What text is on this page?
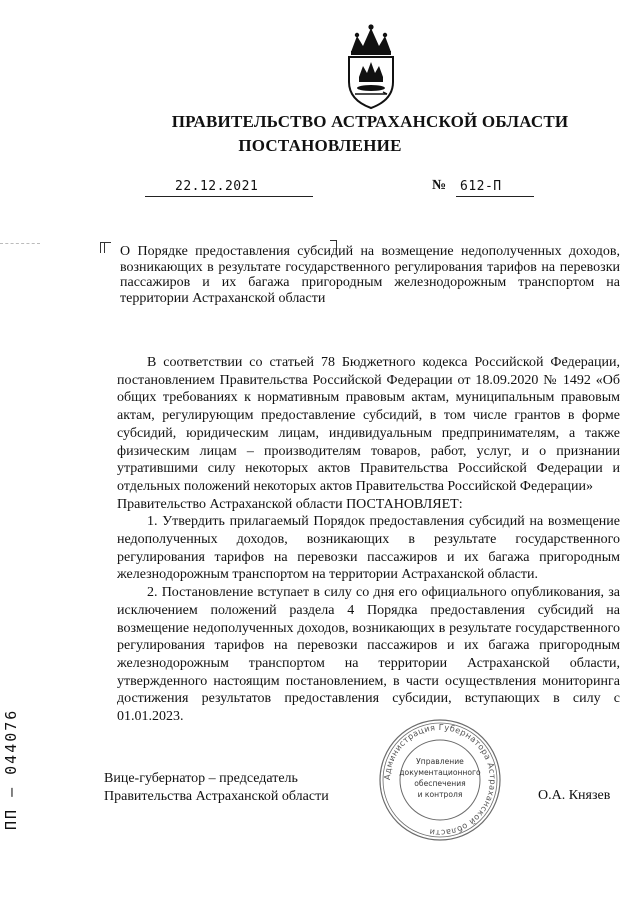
ПРАВИТЕЛЬСТВО АСТРАХАНСКОЙ ОБЛАСТИ
ПОСТАНОВЛЕНИЕ
22.12.2021	№ 612-П

О Порядке предоставления субсидий на возмещение недополученных доходов, возникающих в результате государственного регулирования тарифов на перевозки пассажиров и их багажа пригородным железнодорожным транспортом на территории Астраханской области

В соответствии со статьей 78 Бюджетного кодекса Российской Федерации, постановлением Правительства Российской Федерации от 18.09.2020 № 1492 «Об общих требованиях к нормативным правовым актам, муниципальным правовым актам, регулирующим предоставление субсидий, в том числе грантов в форме субсидий, юридическим лицам, индивидуальным предпринимателям, а также физическим лицам – производителям товаров, работ, услуг, и о признании утратившими силу некоторых актов Правительства Российской Федерации и отдельных положений некоторых актов Правительства Российской Федерации»

Правительство Астраханской области ПОСТАНОВЛЯЕТ:

1. Утвердить прилагаемый Порядок предоставления субсидий на возмещение недополученных доходов, возникающих в результате государственного регулирования тарифов на перевозки пассажиров и их багажа пригородным железнодорожным транспортом на территории Астраханской области.

2. Постановление вступает в силу со дня его официального опубликования, за исключением положений раздела 4 Порядка предоставления субсидий на возмещение недополученных доходов, возникающих в результате государственного регулирования тарифов на перевозки пассажиров и их багажа пригородным железнодорожным транспортом на территории Астраханской области, утвержденного настоящим постановлением, в части осуществления мониторинга достижения результатов предоставления субсидии, вступающих в силу с 01.01.2023.

Администрация Губернатора Астраханской области
Управление
документационного
обеспечения
и контроля
Вице-губернатор – председатель
Правительства Астраханской области	О.А. Князев
ПП – 044076
